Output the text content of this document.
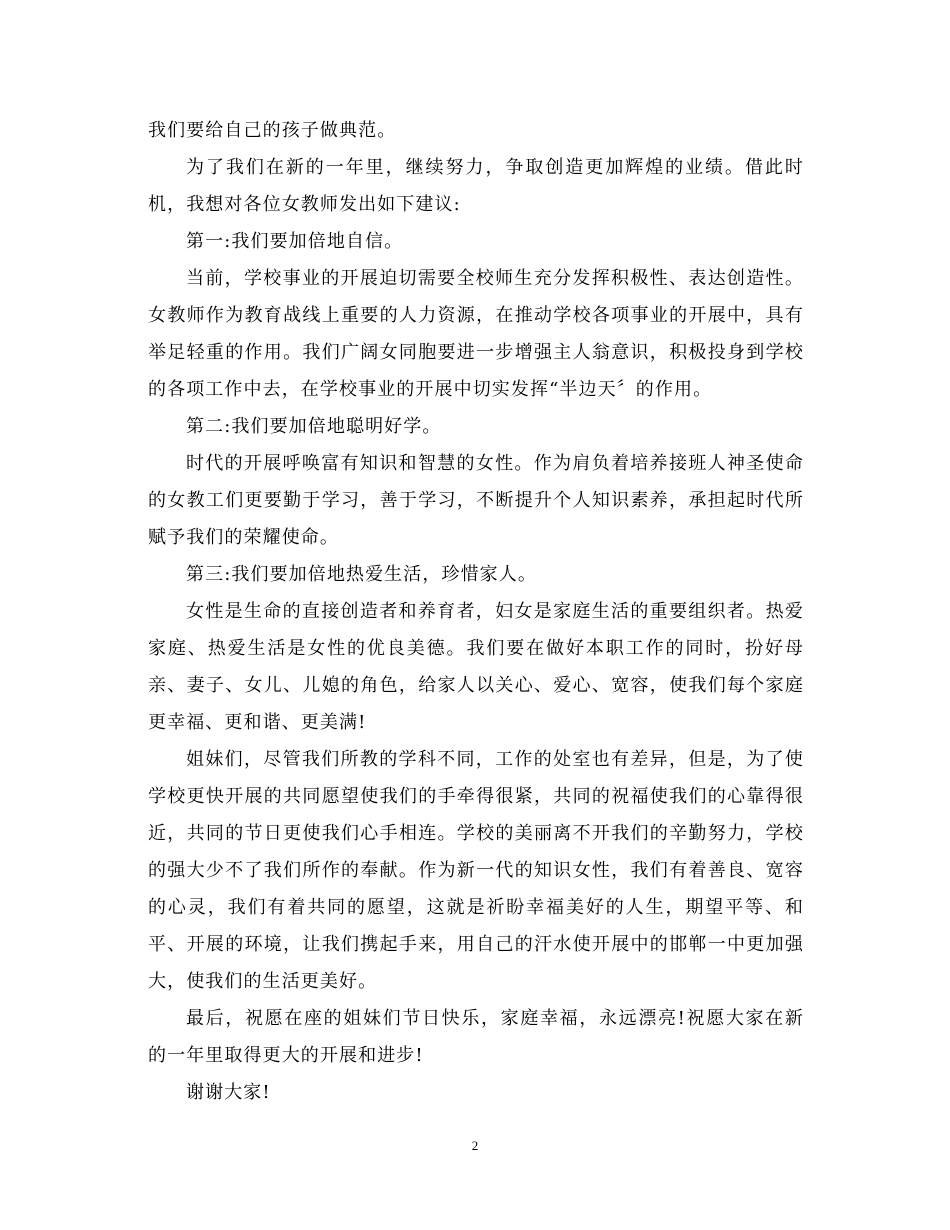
我们要给自己的孩子做典范。

为了我们在新的一年里，继续努力，争取创造更加辉煌的业绩。借此时机，我想对各位女教师发出如下建议:

第一:我们要加倍地自信。

当前，学校事业的开展迫切需要全校师生充分发挥积极性、表达创造性。女教师作为教育战线上重要的人力资源，在推动学校各项事业的开展中，具有举足轻重的作用。我们广阔女同胞要进一步增强主人翁意识，积极投身到学校的各项工作中去，在学校事业的开展中切实发挥“半边天〞的作用。

第二:我们要加倍地聪明好学。

时代的开展呼唤富有知识和智慧的女性。作为肩负着培养接班人神圣使命的女教工们更要勤于学习，善于学习，不断提升个人知识素养，承担起时代所赋予我们的荣耀使命。

第三:我们要加倍地热爱生活，珍惜家人。

女性是生命的直接创造者和养育者，妇女是家庭生活的重要组织者。热爱家庭、热爱生活是女性的优良美德。我们要在做好本职工作的同时，扮好母亲、妻子、女儿、儿媳的角色，给家人以关心、爱心、宽容，使我们每个家庭更幸福、更和谐、更美满!

姐妹们，尽管我们所教的学科不同，工作的处室也有差异，但是，为了使学校更快开展的共同愿望使我们的手牵得很紧，共同的祝福使我们的心靠得很近，共同的节日更使我们心手相连。学校的美丽离不开我们的辛勤努力，学校的强大少不了我们所作的奉献。作为新一代的知识女性，我们有着善良、宽容的心灵，我们有着共同的愿望，这就是祈盼幸福美好的人生，期望平等、和平、开展的环境，让我们携起手来，用自己的汗水使开展中的邯郸一中更加强大，使我们的生活更美好。

最后，祝愿在座的姐妹们节日快乐，家庭幸福，永远漂亮!祝愿大家在新的一年里取得更大的开展和进步!

谢谢大家!

2
